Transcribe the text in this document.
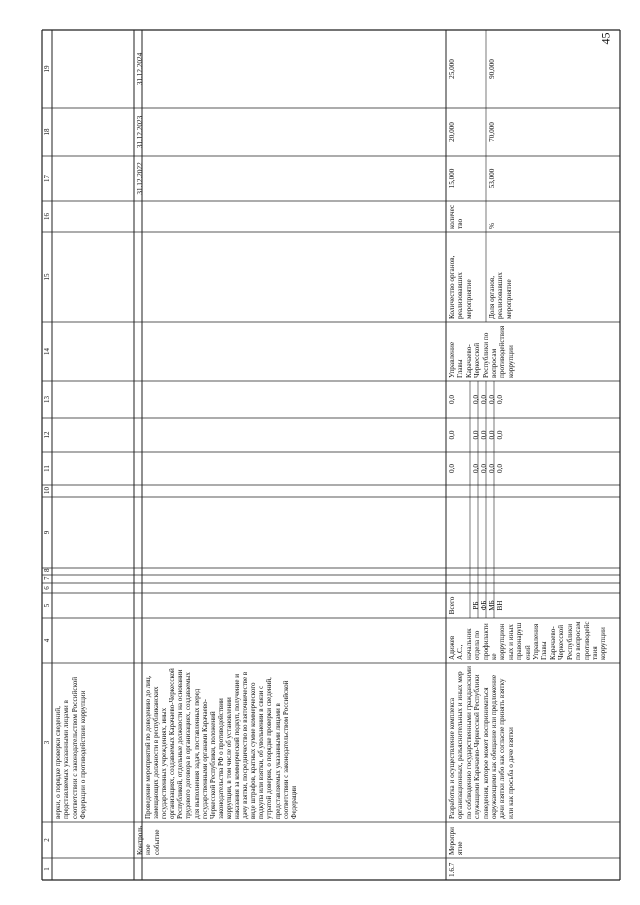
45
1
2
3
4
5
6
7
8
9
10
11
12
13
14
15
16
17
18
19
верки, о порядке проверки сведений, представляемых указанными лицами в соответствии с законодательством Российской Федерации о противодействии коррупции
Контрольное событие
Проведение мероприятий по доведению до лиц, замещающих должности в республиканских государственных учреждениях, иных организациях, создаваемых Карачаево-Черкесской Республикой, отдельные должности на основании трудового договора в организациях, создаваемых для выполнения задач, поставленных перед государственными органами Карачаево-Черкесской Республики, положений законодательства РФ о противодействии коррупции, в том числе об установлении наказания за коммерческий подкуп, получение и дачу взятки, посредничество во взяточничестве в виде штрафов, кратных сумме коммерческого подкупа или взятки, об увольнении в связи с утратой доверия, о порядке проверки сведений, представляемых указанными лицами в соответствии с законодательством Российской Федерации
31.12.2022
31.12.2023
31.12.2024
1.6.7
Мероприятие
Разработка и осуществление комплекса организационных, разъяснительных и иных мер по соблюдению государственными гражданскими служащими Карачаево-Черкесской Республики поведения, которое может восприниматься окружающими как обещание или предложение дачи взятки либо как согласие принять взятку или как просьба о даче взятки
Адижев А.С., начальник отдела по профилактике коррупционных и иных правонарушений Управления Главы Карачаево-Черкесской Республики по вопросам противодействия коррупции
Всего
0,0
0,0
0,0
РБ
0,0
0,0
0,0
ФБ
0,0
0,0
0,0
МБ
0,0
0,0
0,0
ВН
0,0
0,0
0,0
Управление Главы Карачаево-Черкесской Республики по вопросам противодействия коррупции
Количество органов, реализовавших мероприятие
количество
15,000
20,000
25,000
Доля органов, реализовавших мероприятие
%
53,000
70,000
90,000
